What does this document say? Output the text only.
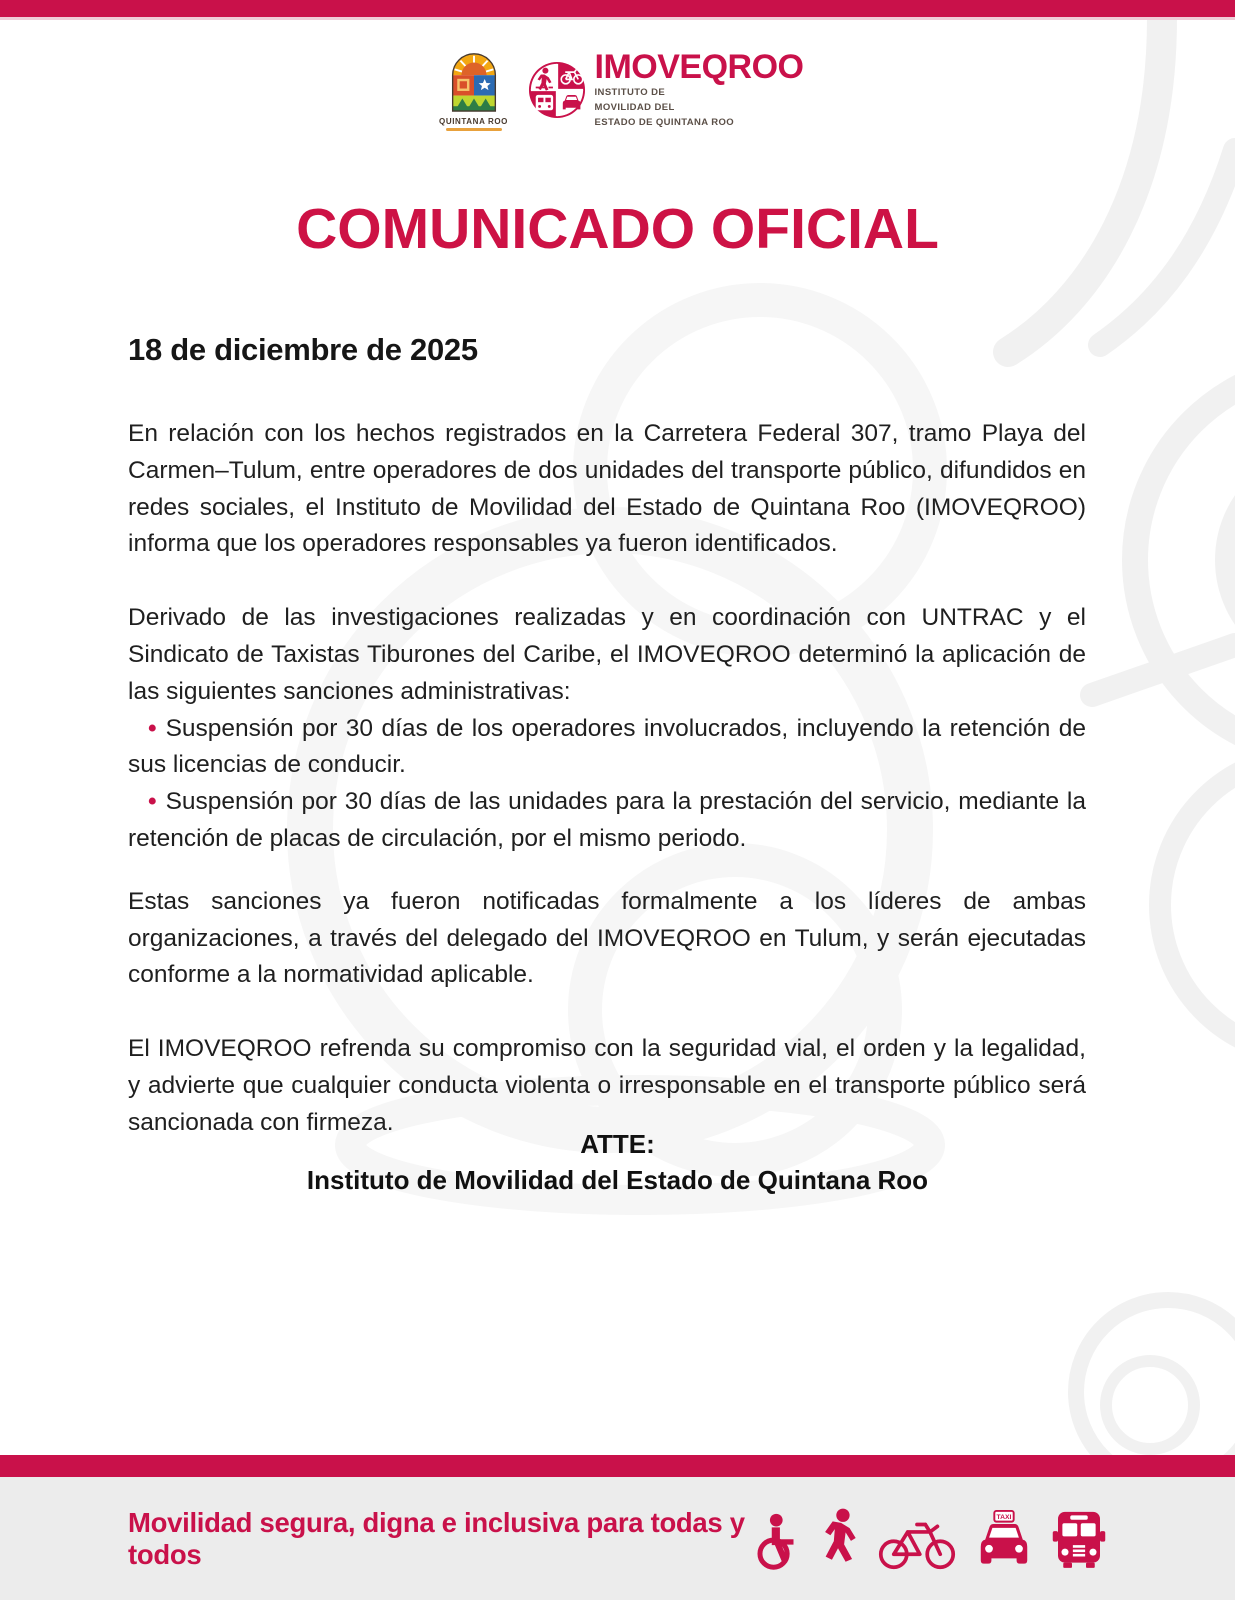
QUINTANA ROO
IMOVEQROO
INSTITUTO DE
MOVILIDAD DEL
ESTADO DE QUINTANA ROO
COMUNICADO OFICIAL

18 de diciembre de 2025

En relación con los hechos registrados en la Carretera Federal 307, tramo Playa del Carmen–Tulum, entre operadores de dos unidades del transporte público, difundidos en redes sociales, el Instituto de Movilidad del Estado de Quintana Roo (IMOVEQROO) informa que los operadores responsables ya fueron identificados.

Derivado de las investigaciones realizadas y en coordinación con UNTRAC y el Sindicato de Taxistas Tiburones del Caribe, el IMOVEQROO determinó la aplicación de las siguientes sanciones administrativas:

• Suspensión por 30 días de los operadores involucrados, incluyendo la retención de sus licencias de conducir.

• Suspensión por 30 días de las unidades para la prestación del servicio, mediante la retención de placas de circulación, por el mismo periodo.

Estas sanciones ya fueron notificadas formalmente a los líderes de ambas organizaciones, a través del delegado del IMOVEQROO en Tulum, y serán ejecutadas conforme a la normatividad aplicable.

El IMOVEQROO refrenda su compromiso con la seguridad vial, el orden y la legalidad, y advierte que cualquier conducta violenta o irresponsable en el transporte público será sancionada con firmeza.

ATTE:
Instituto de Movilidad del Estado de Quintana Roo
Movilidad segura, digna e inclusiva para todas y todos
TAXI
